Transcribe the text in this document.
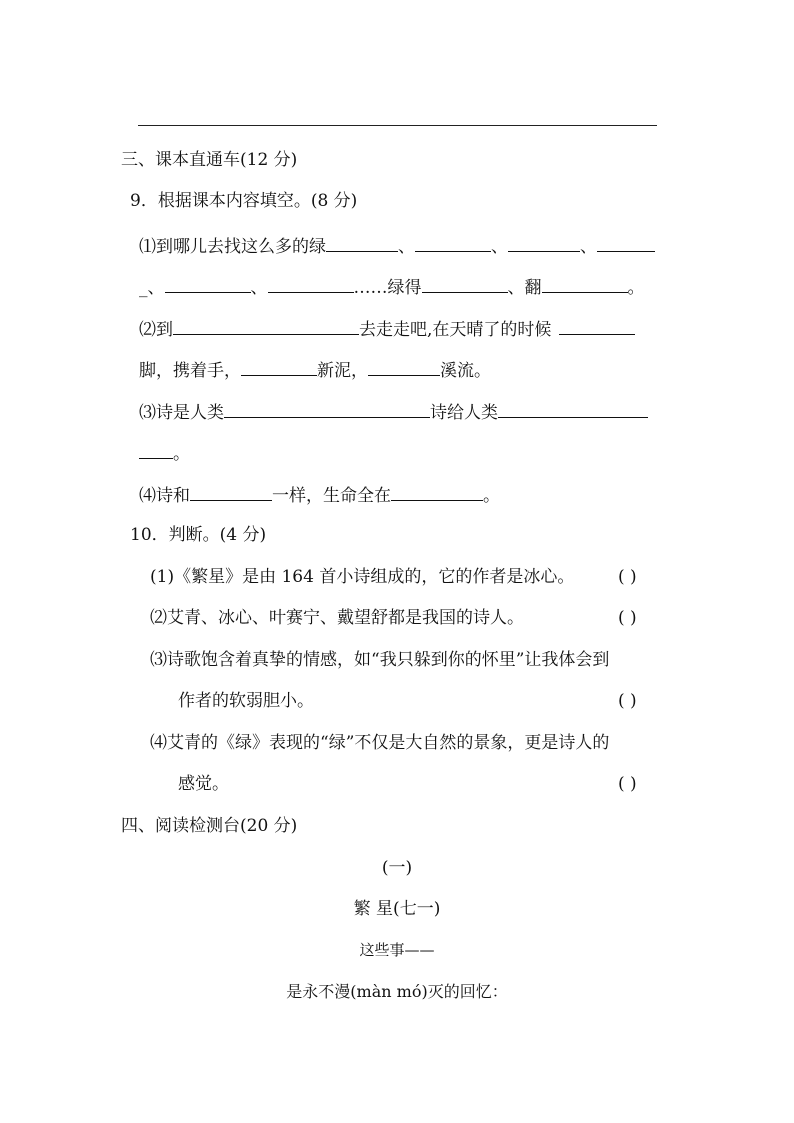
三、课本直通车(12 分)
9．根据课本内容填空。(8 分)
⑴到哪儿去找这么多的绿	、	、	、
_、	、	……绿得	、翻	。
⑵到	去走走吧,在天晴了的时候
脚，携着手，	新泥，	溪流。
⑶诗是人类	诗给人类
。
⑷诗和	一样，生命全在	。
10．判断。(4 分)
(1)《繁星》是由 164 首小诗组成的，它的作者是冰心。	( )
⑵艾青、冰心、叶赛宁、戴望舒都是我国的诗人。	( )
⑶诗歌饱含着真挚的情感，如“我只躲到你的怀里”让我体会到
作者的软弱胆小。	( )
⑷艾青的《绿》表现的“绿”不仅是大自然的景象，更是诗人的
感觉。	( )
四、阅读检测台(20 分)
(一)
繁 星(七一)
这些事——
是永不漫(màn mó)灭的回忆：
